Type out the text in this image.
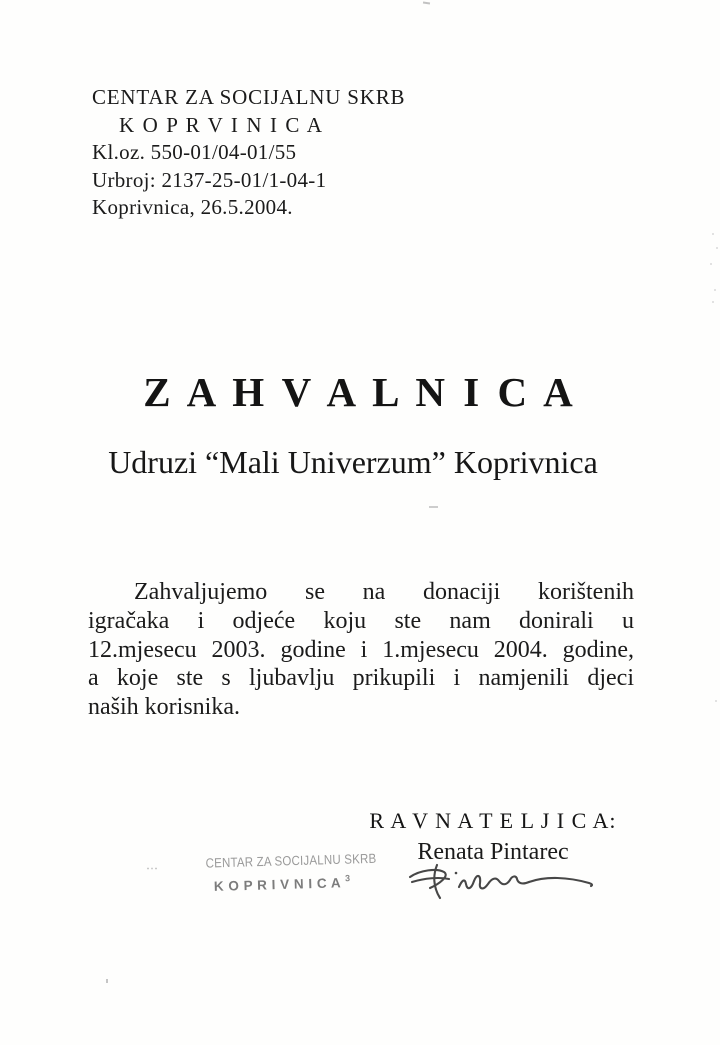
CENTAR ZA SOCIJALNU SKRB
K O P R V I N I C A
Kl.oz. 550-01/04-01/55
Urbroj: 2137-25-01/1-04-1
Koprivnica, 26.5.2004.
Z A H V A L N I C A
Udruzi “Mali Univerzum” Koprivnica
Zahvaljujemo se na donaciji korištenih
igračaka i odjeće koju ste nam donirali u
12.mjesecu 2003. godine i 1.mjesecu 2004. godine,
a koje ste s ljubavlju prikupili i namjenili djeci
naših korisnika.
R A V N A T E L J I C A:
Renata Pintarec
CENTAR ZA SOCIJALNU SKRB
K O P R I V N I C A $^3$
